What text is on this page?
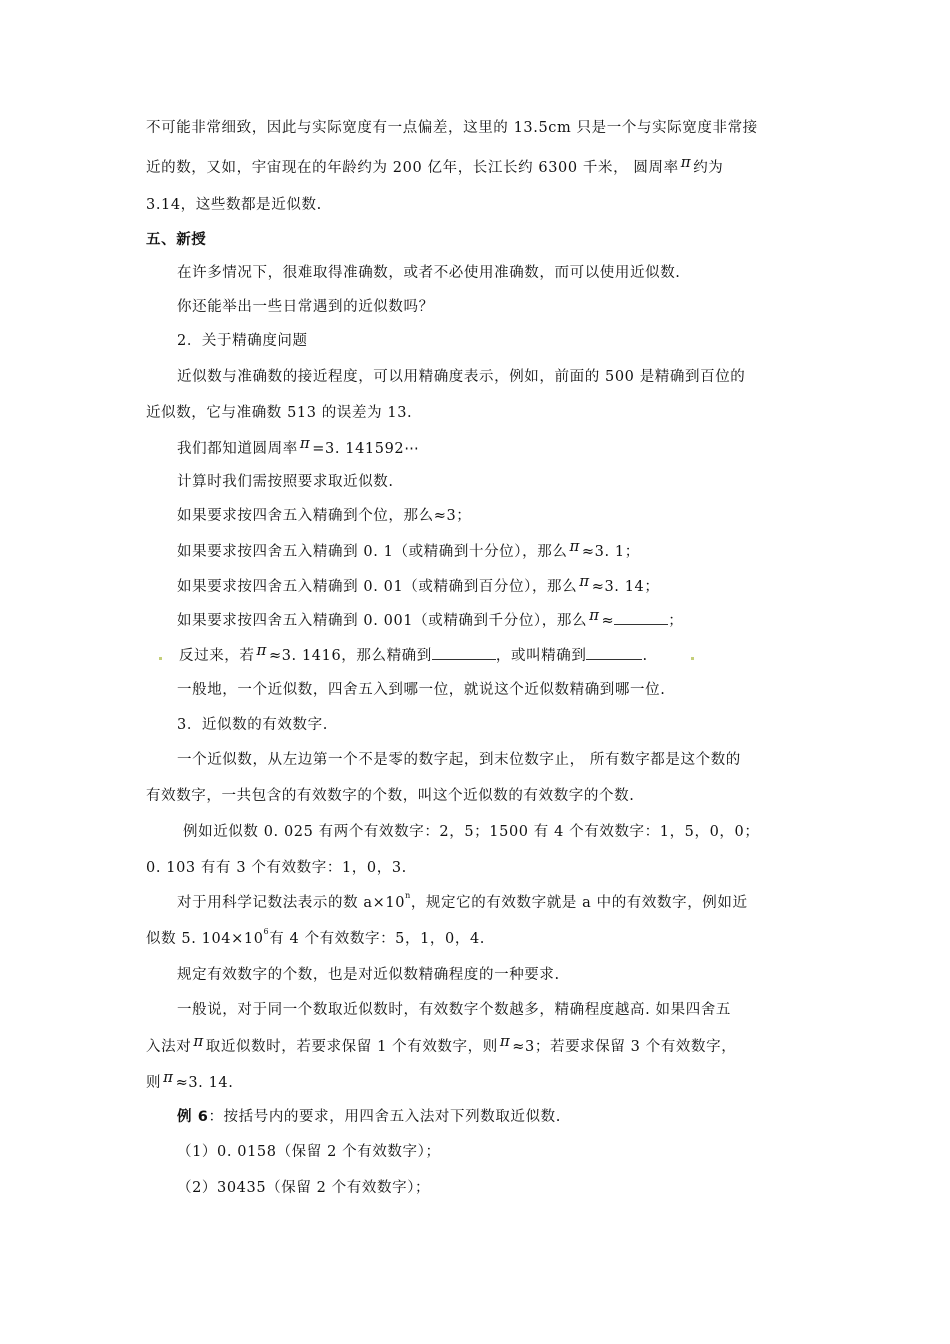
不可能非常细致，因此与实际宽度有一点偏差，这里的 13.5cm 只是一个与实际宽度非常接
近的数，又如，宇宙现在的年龄约为 200 亿年，长江长约 6300 千米， 圆周率 π 约为
3.14，这些数都是近似数.
五、新授
在许多情况下，很难取得准确数，或者不必使用准确数，而可以使用近似数.
你还能举出一些日常遇到的近似数吗？
2．关于精确度问题
近似数与准确数的接近程度，可以用精确度表示，例如，前面的 500 是精确到百位的
近似数，它与准确数 513 的误差为 13.
我们都知道圆周率 π =3. 141592⋯
计算时我们需按照要求取近似数.
如果要求按四舍五入精确到个位，那么≈3；
如果要求按四舍五入精确到 0. 1（或精确到十分位），那么 π ≈3. 1；
如果要求按四舍五入精确到 0. 01（或精确到百分位），那么 π ≈3. 14；
如果要求按四舍五入精确到 0. 001（或精确到千分位），那么 π ≈	；
反过来，若 π ≈3. 1416，那么精确到	，或叫精确到	.
一般地，一个近似数，四舍五入到哪一位，就说这个近似数精确到哪一位.
3．近似数的有效数字.
一个近似数，从左边第一个不是零的数字起，到末位数字止， 所有数字都是这个数的
有效数字，一共包含的有效数字的个数，叫这个近似数的有效数字的个数.
例如近似数 0. 025 有两个有效数字：2，5；1500 有 4 个有效数字：1，5，0，0；
0. 103 有有 3 个有效数字：1，0，3.
对于用科学记数法表示的数 $a\times 10^n$，规定它的有效数字就是 a 中的有效数字，例如近
似数 5. $104\times 10^6$有 4 个有效数字：5，1，0，4.
规定有效数字的个数，也是对近似数精确程度的一种要求.
一般说，对于同一个数取近似数时，有效数字个数越多，精确程度越高. 如果四舍五
入法对 π 取近似数时，若要求保留 1 个有效数字，则 π ≈3；若要求保留 3 个有效数字，
则 π ≈3. 14.
例 6：按括号内的要求，用四舍五入法对下列数取近似数.
（1）0. 0158（保留 2 个有效数字）；
（2）30435（保留 2 个有效数字）；
